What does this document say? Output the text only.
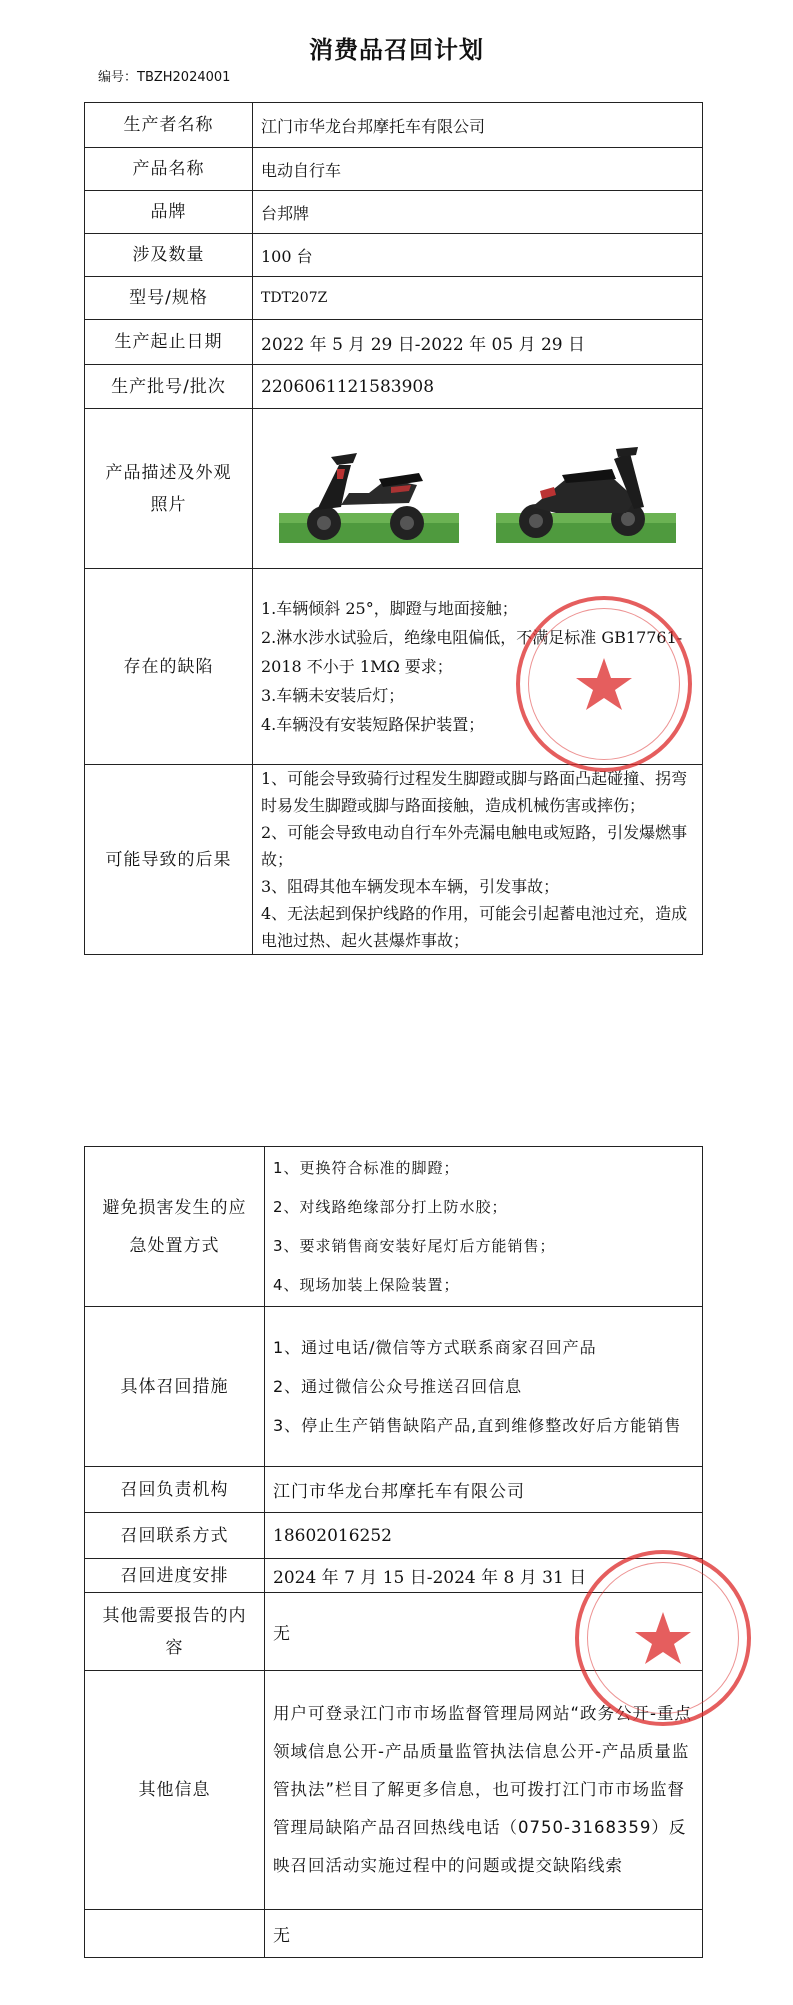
消费品召回计划
编号：TBZH2024001
生产者名称	江门市华龙台邦摩托车有限公司
产品名称	电动自行车
品牌	台邦牌
涉及数量	100 台
型号/规格	TDT207Z
生产起止日期	2022 年 5 月 29 日-2022 年 05 月 29 日
生产批号/批次	2206061121583908
产品描述及外观照片	

存在的缺陷	1.车辆倾斜 25°，脚蹬与地面接触；
2.淋水涉水试验后，绝缘电阻偏低，不满足标准 GB17761-2018 不小于 1MΩ 要求；
3.车辆未安装后灯；
4.车辆没有安装短路保护装置；

可能导致的后果	1、可能会导致骑行过程发生脚蹬或脚与路面凸起碰撞、拐弯时易发生脚蹬或脚与路面接触，造成机械伤害或摔伤；
2、可能会导致电动自行车外壳漏电触电或短路，引发爆燃事故；
3、阻碍其他车辆发现本车辆，引发事故；
4、无法起到保护线路的作用，可能会引起蓄电池过充，造成电池过热、起火甚爆炸事故；
避免损害发生的应急处置方式	1、更换符合标准的脚蹬；
2、对线路绝缘部分打上防水胶；
3、要求销售商安装好尾灯后方能销售；
4、现场加装上保险装置；

具体召回措施	1、通过电话/微信等方式联系商家召回产品
2、通过微信公众号推送召回信息
3、停止生产销售缺陷产品,直到维修整改好后方能销售

召回负责机构	江门市华龙台邦摩托车有限公司
召回联系方式	18602016252
召回进度安排	2024 年 7 月 15 日-2024 年 8 月 31 日
其他需要报告的内容	无
其他信息	用户可登录江门市市场监督管理局网站“政务公开-重点领域信息公开-产品质量监管执法信息公开-产品质量监管执法”栏目了解更多信息，也可拨打江门市市场监督管理局缺陷产品召回热线电话（0750-3168359）反映召回活动实施过程中的问题或提交缺陷线索
	无
